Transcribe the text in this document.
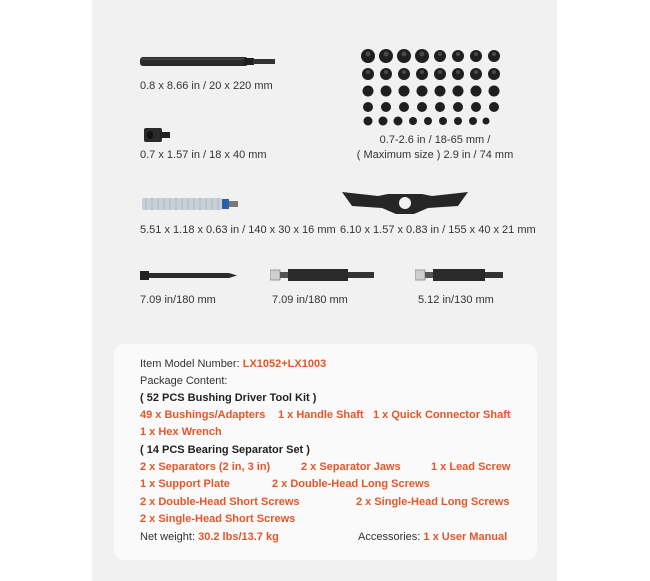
0.8 x 8.66 in / 20 x 220 mm
0.7 x 1.57 in / 18 x 40 mm
0.7-2.6 in / 18-65 mm /
( Maximum size ) 2.9 in / 74 mm
5.51 x 1.18 x 0.63 in / 140 x 30 x 16 mm 6.10 x 1.57 x 0.83 in / 155 x 40 x 21 mm
7.09 in/180 mm	7.09 in/180 mm	5.12 in/130 mm
Item Model Number: LX1052+LX1003
Package Content:
( 52 PCS Bushing Driver Tool Kit )
49 x Bushings/Adapters 1 x Handle Shaft 1 x Quick Connector Shaft
1 x Hex Wrench
( 14 PCS Bearing Separator Set )
2 x Separators (2 in, 3 in)	2 x Separator Jaws	1 x Lead Screw
1 x Support Plate	2 x Double-Head Long Screws
2 x Double-Head Short Screws	2 x Single-Head Long Screws
2 x Single-Head Short Screws
Net weight: 30.2 lbs/13.7 kg	Accessories: 1 x User Manual
